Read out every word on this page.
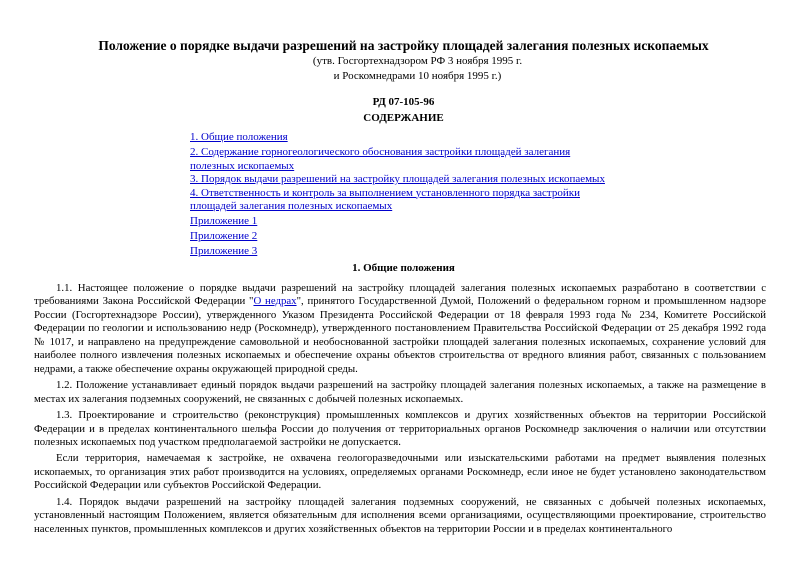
Положение о порядке выдачи разрешений на застройку площадей залегания полезных ископаемых
(утв. Госгортехнадзором РФ 3 ноября 1995 г.
и Роскомнедрами 10 ноября 1995 г.)
РД 07-105-96
СОДЕРЖАНИЕ
1. Общие положения
2. Содержание горногеологического обоснования застройки площадей залегания
полезных ископаемых
3. Порядок выдачи разрешений на застройку площадей залегания полезных ископаемых
4. Ответственность и контроль за выполнением установленного порядка застройки
площадей залегания полезных ископаемых
Приложение 1
Приложение 2
Приложение 3
1. Общие положения

1.1. Настоящее положение о порядке выдачи разрешений на застройку площадей залегания полезных ископаемых разработано в соответствии с требованиями Закона Российской Федерации "О недрах", принятого Государственной Думой, Положений о федеральном горном и промышленном надзоре России (Госгортехнадзоре России), утвержденного Указом Президента Российской Федерации от 18 февраля 1993 года № 234, Комитете Российской Федерации по геологии и использованию недр (Роскомнедр), утвержденного постановлением Правительства Российской Федерации от 25 декабря 1992 года № 1017, и направлено на предупреждение самовольной и необоснованной застройки площадей залегания полезных ископаемых, сохранение условий для наиболее полного извлечения полезных ископаемых и обеспечение охраны объектов строительства от вредного влияния работ, связанных с пользованием недрами, а также обеспечение охраны окружающей природной среды.

1.2. Положение устанавливает единый порядок выдачи разрешений на застройку площадей залегания полезных ископаемых, а также на размещение в местах их залегания подземных сооружений, не связанных с добычей полезных ископаемых.

1.3. Проектирование и строительство (реконструкция) промышленных комплексов и других хозяйственных объектов на территории Российской Федерации и в пределах континентального шельфа России до получения от территориальных органов Роскомнедр заключения о наличии или отсутствии полезных ископаемых под участком предполагаемой застройки не допускается.

Если территория, намечаемая к застройке, не охвачена геологоразведочными или изыскательскими работами на предмет выявления полезных ископаемых, то организация этих работ производится на условиях, определяемых органами Роскомнедр, если иное не будет установлено законодательством Российской Федерации или субъектов Российской Федерации.

1.4. Порядок выдачи разрешений на застройку площадей залегания подземных сооружений, не связанных с добычей полезных ископаемых, установленный настоящим Положением, является обязательным для исполнения всеми организациями, осуществляющими проектирование, строительство населенных пунктов, промышленных комплексов и других хозяйственных объектов на территории России и в пределах континентального
